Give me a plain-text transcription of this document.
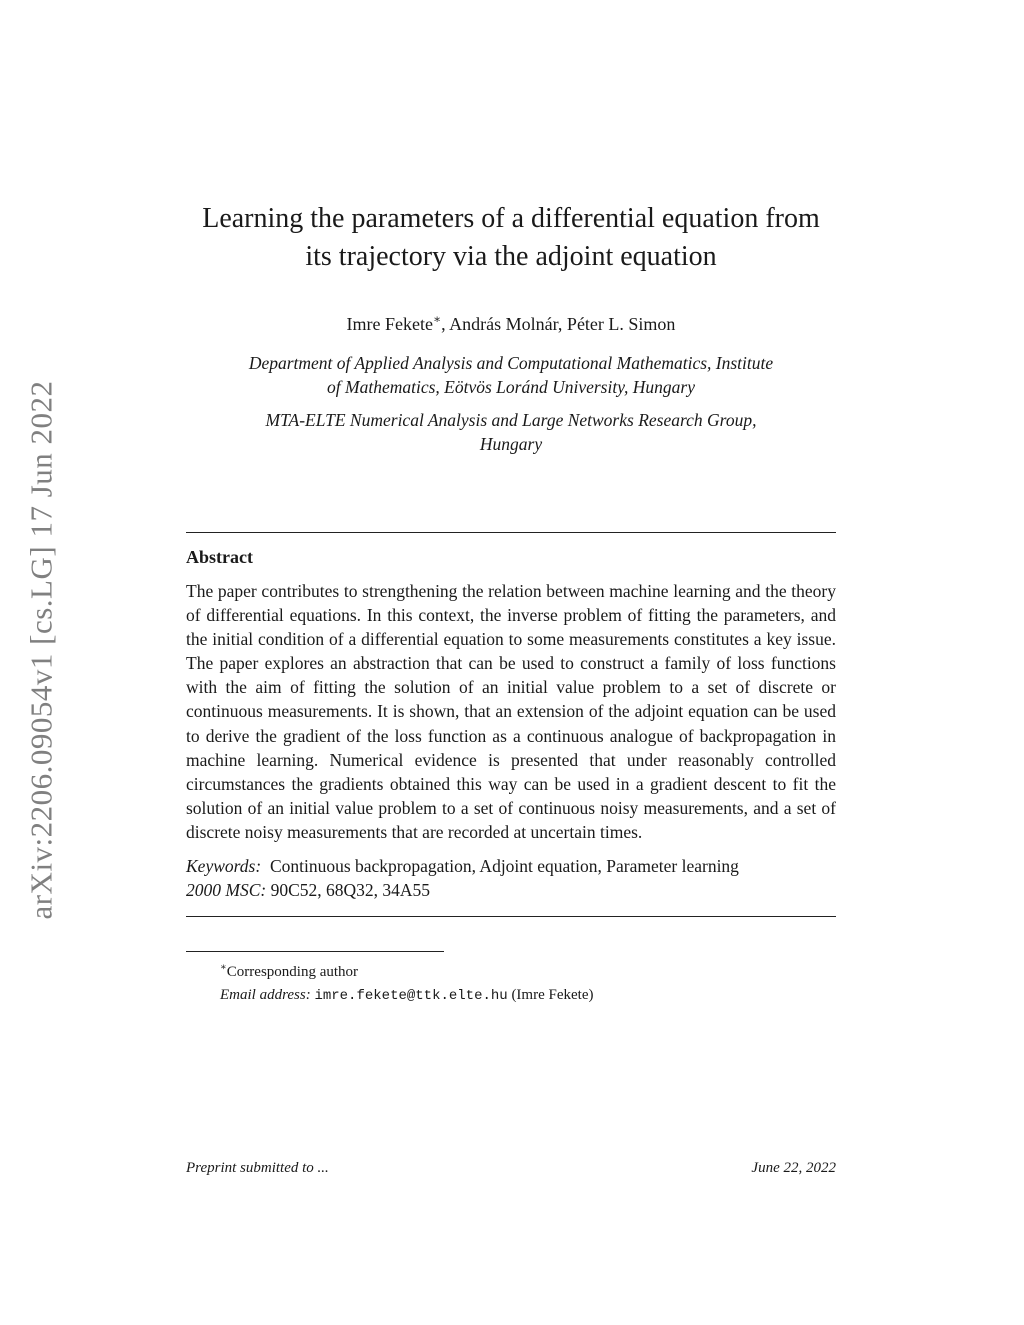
arXiv:2206.09054v1 [cs.LG] 17 Jun 2022
Learning the parameters of a differential equation from
its trajectory via the adjoint equation
Imre Fekete∗, András Molnár, Péter L. Simon
Department of Applied Analysis and Computational Mathematics, Institute
of Mathematics, Eötvös Loránd University, Hungary
MTA-ELTE Numerical Analysis and Large Networks Research Group,
Hungary
Abstract
The paper contributes to strengthening the relation between machine learning and the theory of differential equations. In this context, the inverse problem of fitting the parameters, and the initial condition of a differential equation to some measurements constitutes a key issue. The paper explores an abstraction that can be used to construct a family of loss functions with the aim of fitting the solution of an initial value problem to a set of discrete or continuous measurements. It is shown, that an extension of the adjoint equation can be used to derive the gradient of the loss function as a continuous analogue of backpropagation in machine learning. Numerical evidence is presented that under reasonably controlled circumstances the gradients obtained this way can be used in a gradient descent to fit the solution of an initial value problem to a set of continuous noisy measurements, and a set of discrete noisy measurements that are recorded at uncertain times.
Keywords: Continuous backpropagation, Adjoint equation, Parameter learning
2000 MSC: 90C52, 68Q32, 34A55
∗Corresponding author
Email address: imre.fekete@ttk.elte.hu (Imre Fekete)
Preprint submitted to ...	June 22, 2022
